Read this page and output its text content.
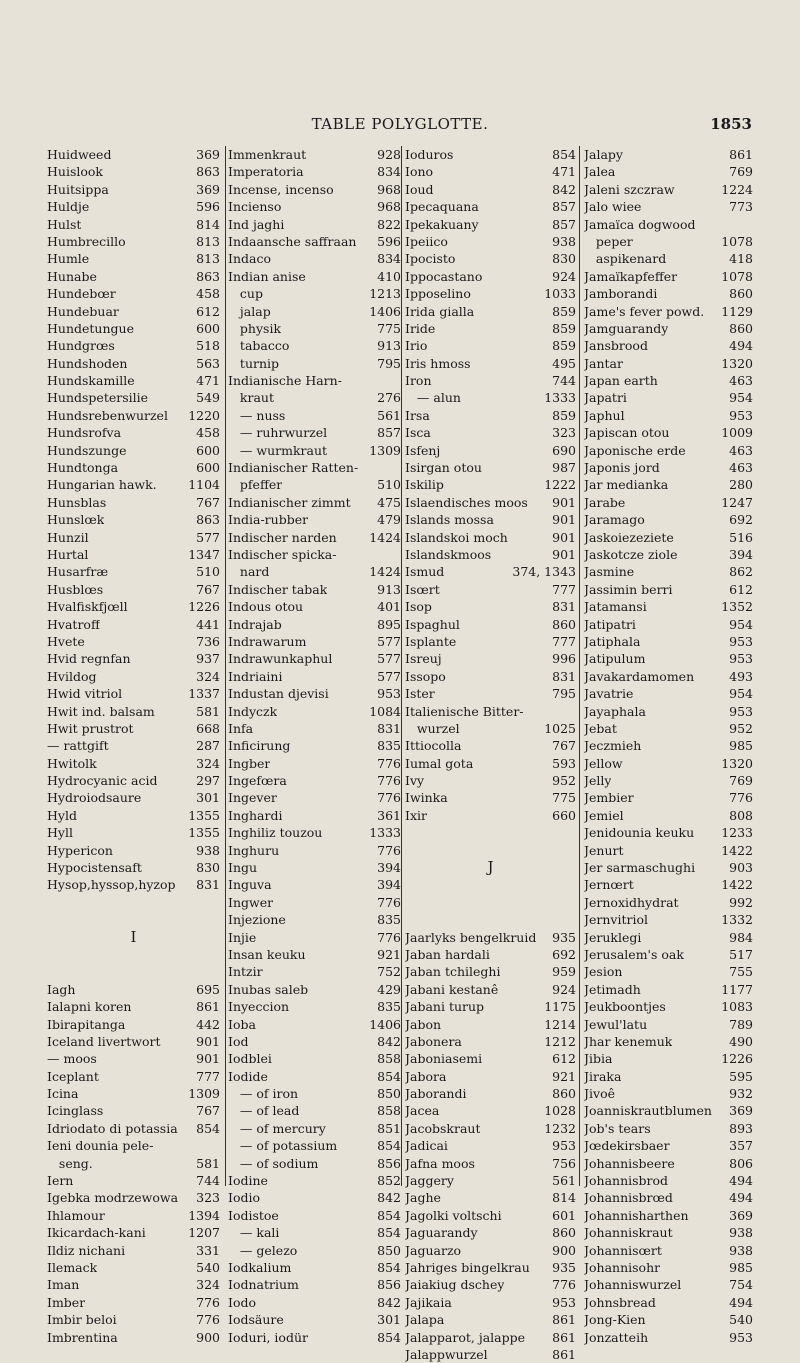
TABLE POLYGLOTTE.	1853
Huidweed	369
Huislook	863
Huitsippa	369
Huldje	596
Hulst	814
Humbrecillo	813
Humle	813
Hunabe	863
Hundebœr	458
Hundebuar	612
Hundetungue	600
Hundgrœs	518
Hundshoden	563
Hundskamille	471
Hundspetersilie	549
Hundsrebenwurzel 1220
Hundsrofva	458
Hundszunge	600
Hundtonga	600
Hungarian hawk.	1104
Hunsblas	767
Hunslœk	863
Hunzil	577
Hurtal	1347
Husarfræ	510
Husblœs	767
Hvalfiskfjœll	1226
Hvatroff	441
Hvete	736
Hvid regnfan	937
Hvildog	324
Hwid vitriol	1337
Hwit ind. balsam	581
Hwit prustrot	668
— rattgift	287
Hwitolk	324
Hydrocyanic acid	297
Hydroiodsaure	301
Hyld	1355
Hyll	1355
Hypericon	938
Hypocistensaft	830
Hysop,hyssop,hyzop 831
I
Iagh	695
Ialapni koren	861
Ibirapitanga	442
Iceland livertwort	901
— moos	901
Iceplant	777
Icina	1309
Icinglass	767
Idriodato di potassia 854
Ieni dounia pele-
seng.	581
Iern	744
Igebka modrzewowa 323
Ihlamour	1394
Ikicardach-kani	1207
Ildiz nichani	331
Ilemack	540
Iman	324
Imber	776
Imbir beloi	776
Imbrentina	900
Immenkraut	928
Imperatoria	834
Incense, incenso	968
Incienso	968
Ind jaghi	822
Indaansche saffraan 596
Indaco	834
Indian anise	410
cup	1213
jalap	1406
physik	775
tabacco	913
turnip	795
Indianische Harn-
kraut	276
— nuss	561
— ruhrwurzel	857
— wurmkraut	1309
Indianischer Ratten-
pfeffer	510
Indianischer zimmt 475
India-rubber	479
Indischer narden	1424
Indischer spicka-
nard	1424
Indischer tabak	913
Indous otou	401
Indrajab	895
Indrawarum	577
Indrawunkaphul	577
Indriaini	577
Industan djevisi	953
Indyczk	1084
Infa	831
Inficirung	835
Ingber	776
Ingefœra	776
Ingever	776
Inghardi	361
Inghiliz touzou	1333
Inghuru	776
Ingu	394
Inguva	394
Ingwer	776
Injezione	835
Injie	776
Insan keuku	921
Intzir	752
Inubas saleb	429
Inyeccion	835
Ioba	1406
Iod	842
Iodblei	858
Iodide	854
— of iron	850
— of lead	858
— of mercury	851
— of potassium	854
— of sodium	856
Iodine	852
Iodio	842
Iodistoe	854
— kali	854
— gelezo	850
Iodkalium	854
Iodnatrium	856
Iodo	842
Iodsäure	301
Ioduri, iodür	854
Ioduros	854
Iono	471
Ioud	842
Ipecaquana	857
Ipekakuany	857
Ipeiico	938
Ipocisto	830
Ippocastano	924
Ipposelino	1033
Irida gialla	859
Iride	859
Irio	859
Iris hmoss	495
Iron	744
— alun	1333
Irsa	859
Isca	323
Isfenj	690
Isirgan otou	987
Iskilip	1222
Islaendisches moos 901
Islands mossa	901
Islandskoi moch	901
Islandskmoos	901
Ismud	374, 1343
Isœrt	777
Isop	831
Ispaghul	860
Isplante	777
Isreuj	996
Issopo	831
Ister	795
Italienische Bitter-
wurzel	1025
Ittiocolla	767
Iumal gota	593
Ivy	952
Iwinka	775
Ixir	660
J
Jaarlyks bengelkruid 935
Jaban hardali	692
Jaban tchileghi	959
Jabani kestanê	924
Jabani turup	1175
Jabon	1214
Jabonera	1212
Jaboniasemi	612
Jabora	921
Jaborandi	860
Jacea	1028
Jacobskraut	1232
Jadicai	953
Jafna moos	756
Jaggery	561
Jaghe	814
Jagolki voltschi	601
Jaguarandy	860
Jaguarzo	900
Jahriges bingelkrau 935
Jaiakiug dschey	776
Jajikaia	953
Jalapa	861
Jalapparot, jalappe 861
Jalappwurzel	861
Jalapy	861
Jalea	769
Jaleni szczraw	1224
Jalo wiee	773
Jamaïca dogwood
peper	1078
aspikenard	418
Jamaïkapfeffer	1078
Jamborandi	860
Jame's fever powd. 1129
Jamguarandy	860
Jansbrood	494
Jantar	1320
Japan earth	463
Japatri	954
Japhul	953
Japiscan otou	1009
Japonische erde	463
Japonis jord	463
Jar medianka	280
Jarabe	1247
Jaramago	692
Jaskoiezeziete	516
Jaskotcze ziole	394
Jasmine	862
Jassimin berri	612
Jatamansi	1352
Jatipatri	954
Jatiphala	953
Jatipulum	953
Javakardamomen	493
Javatrie	954
Jayaphala	953
Jebat	952
Jeczmieh	985
Jellow	1320
Jelly	769
Jembier	776
Jemiel	808
Jenidounia keuku 1233
Jenurt	1422
Jer sarmaschughi	903
Jernœrt	1422
Jernoxidhydrat	992
Jernvitriol	1332
Jeruklegi	984
Jerusalem's oak	517
Jesion	755
Jetimadh	1177
Jeukboontjes	1083
Jewul'latu	789
Jhar kenemuk	490
Jibia	1226
Jiraka	595
Jivoê	932
Joanniskrautblumen 369
Job's tears	893
Jœdekirsbaer	357
Johannisbeere	806
Johannisbrod	494
Johannisbrœd	494
Johannisharthen	369
Johanniskraut	938
Johannisœrt	938
Johannisohr	985
Johanniswurzel	754
Johnsbread	494
Jong-Kien	540
Jonzatteih	953
